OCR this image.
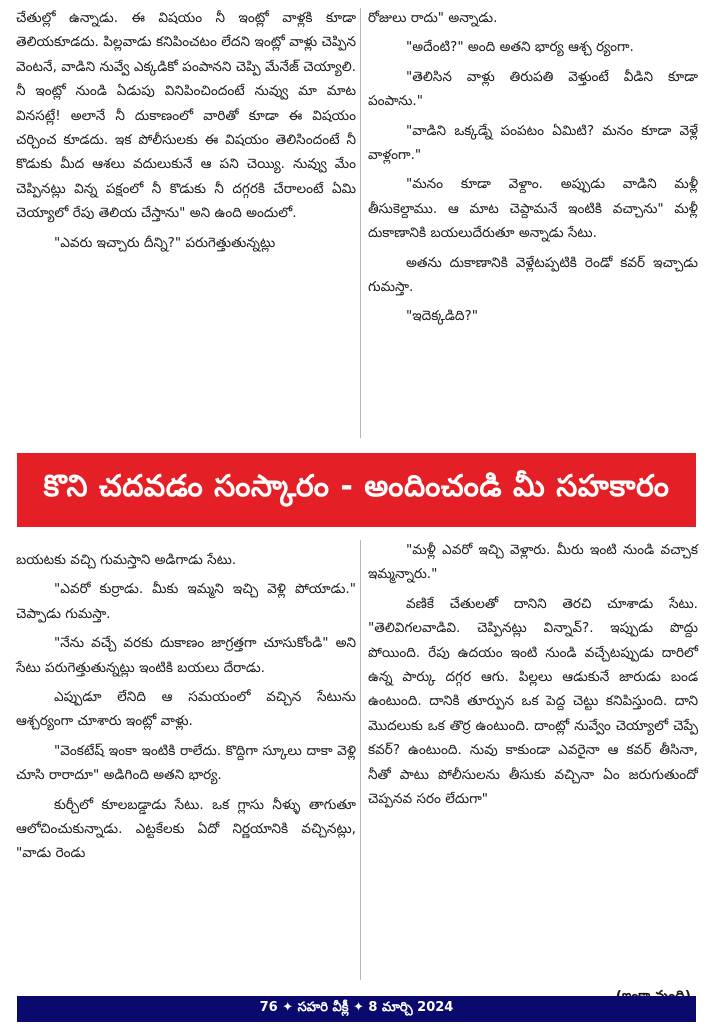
చేతుల్లో ఉన్నాడు. ఈ విషయం నీ ఇంట్లో వాళ్లకి కూడా తెలియకూడదు. పిల్లవాడు కనిపించటం లేదని ఇంట్లో వాళ్లు చెప్పిన వెంటనే, వాడిని నువ్వే ఎక్కడికో పంపానని చెప్పి మేనేజ్ చెయ్యాలి. నీ ఇంట్లో నుండి ఏడుపు వినిపించిందంటే నువ్వు మా మాట వినసట్లే! అలానే నీ దుకాణంలో వారితో కూడా ఈ విషయం చర్చించ కూడదు. ఇక పోలీసులకు ఈ విషయం తెలిసిందంటే నీ కొడుకు మీద ఆశలు వదులుకునే ఆ పని చెయ్యి. నువ్వు మేం చెప్పినట్లు విన్న పక్షంలో నీ కొడుకు నీ దగ్గరకి చేరాలంటే ఏమి చెయ్యాలో రేపు తెలియ చేస్తాను" అని ఉంది అందులో.

"ఎవరు ఇచ్చారు దీన్ని?" పరుగెత్తుతున్నట్లు

రోజులు రాదు" అన్నాడు.

"అదేంటి?" అంది అతని భార్య ఆశ్చ ర్యంగా.

"తెలిసిన వాళ్లు తిరుపతి వెళ్తుంటే వీడిని కూడా పంపాను."

"వాడిని ఒక్కడ్నే పంపటం ఏమిటి? మనం కూడా వెళ్లే వాళ్లంగా."

"మనం కూడా వెళ్దాం. అప్పుడు వాడిని మళ్లీ తీసుకెల్దాము. ఆ మాట చెప్దామనే ఇంటికి వచ్చాను" మళ్లీ దుకాణానికి బయలుదేరుతూ అన్నాడు సేటు.

అతను దుకాణానికి వెళ్లేటప్పటికి రెండో కవర్ ఇచ్చాడు గుమస్తా.

"ఇదెక్కడిది?"

కొని చదవడం సంస్కారం - అందించండి మీ సహకారం

బయటకు వచ్చి గుమస్తాని అడిగాడు సేటు.

"ఎవరో కుర్రాడు. మీకు ఇమ్మని ఇచ్చి వెళ్లి పోయాడు." చెప్పాడు గుమస్తా.

"నేను వచ్చే వరకు దుకాణం జాగ్రత్తగా చూసుకోండి" అని సేటు పరుగెత్తుతున్నట్లు ఇంటికి బయలు దేరాడు.

ఎప్పుడూ లేనిది ఆ సమయంలో వచ్చిన సేటును ఆశ్చర్యంగా చూశారు ఇంట్లో వాళ్లు.

"వెంకటేష్ ఇంకా ఇంటికి రాలేదు. కొద్దిగా స్కూలు దాకా వెళ్లి చూసి రారాదూ" అడిగింది అతని భార్య.

కుర్చీలో కూలబడ్డాడు సేటు. ఒక గ్లాసు నీళ్ళు తాగుతూ ఆలోచించుకున్నాడు. ఎట్టకేలకు ఏదో నిర్ణయానికి వచ్చినట్లు, "వాడు రెండు

"మళ్లీ ఎవరో ఇచ్చి వెళ్లారు. మీరు ఇంటి నుండి వచ్చాక ఇమ్మన్నారు."

వణికే చేతులతో దానిని తెరచి చూశాడు సేటు. "తెలివిగలవాడివి. చెప్పినట్లు విన్నావ్?. ఇప్పుడు పొద్దు పోయింది. రేపు ఉదయం ఇంటి నుండి వచ్చేటప్పుడు దారిలో ఉన్న పార్కు దగ్గర ఆగు. పిల్లలు ఆడుకునే జారుడు బండ ఉంటుంది. దానికి తూర్పున ఒక పెద్ద చెట్టు కనిపిస్తుంది. దాని మొదలుకు ఒక తొర్ర ఉంటుంది. దాంట్లో నువ్వేం చెయ్యాలో చెప్పే కవర్? ఉంటుంది. నువు కాకుండా ఎవరైనా ఆ కవర్ తీసినా, నీతో పాటు పోలీసులను తీసుకు వచ్చినా ఏం జరుగుతుందో చెప్పనవ సరం లేదుగా"

76 ✦ సహరి వీక్లీ ✦ 8 మార్చి 2024
